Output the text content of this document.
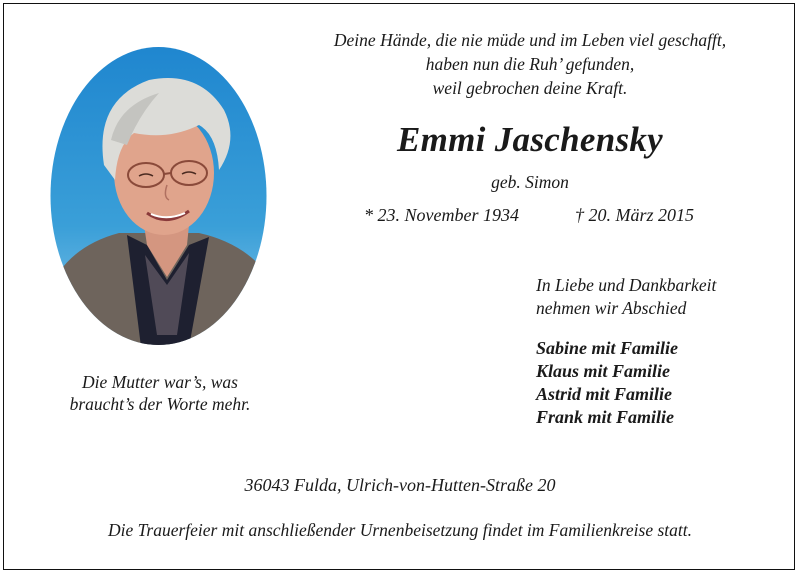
Deine Hände, die nie müde und im Leben viel geschafft,
haben nun die Ruh’ gefunden,
weil gebrochen deine Kraft.
Emmi Jaschensky
geb. Simon
* 23. November 1934	† 20. März 2015
Die Mutter war’s, was
braucht’s der Worte mehr.
In Liebe und Dankbarkeit
nehmen wir Abschied
Sabine mit Familie
Klaus mit Familie
Astrid mit Familie
Frank mit Familie
36043 Fulda, Ulrich-von-Hutten-Straße 20
Die Trauerfeier mit anschließender Urnenbeisetzung findet im Familienkreise statt.
